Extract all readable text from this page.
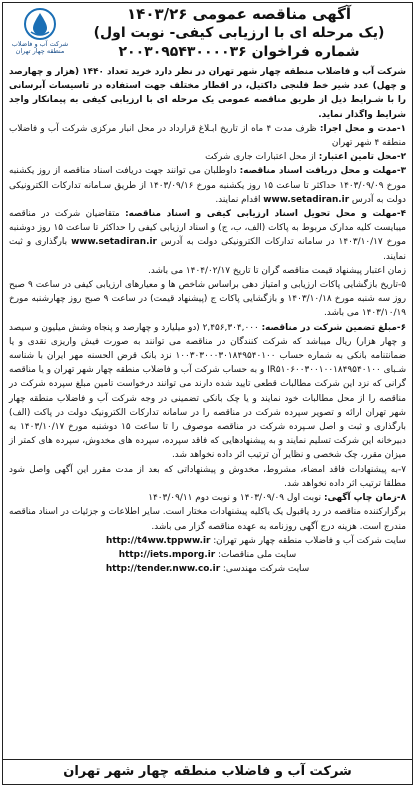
شرکت آب و فاضلاب منطقه چهار تهران
آگهی مناقصه عمومی ۱۴۰۳/۲۶
(یک مرحله ای با ارزیابی کیفی- نوبت اول)
شماره فراخوان ۲۰۰۳۰۹۵۴۳۰۰۰۰۳۶

شرکت آب و فاضلاب منطقه چهار شهر تهران در نظر دارد خرید تعداد ۱۴۴۰ (هزار و چهارصد و چهل) عدد شیر خط فلنجی داکتیل، در اقطار مختلف جهت استفاده در تاسیسات آبرسانی را با شـرایط ذیل از طریق مناقصه عمومی یک مرحله ای با ارزیابی کیفی به پیمانکار واجد شرایط واگذار نماید.

۱-مدت و محل اجرا: ظرف مدت ۴ ماه از تاریخ ابـلاغ قرارداد در محل انبار مرکزی شرکت آب و فاضلاب منطقه ۴ شهر تهران

۲-محل تامین اعتبار: از محل اعتبارات جاری شرکت

۳-مهلت و محل دریافت اسناد مناقصه: داوطلبان می توانند جهت دریافت اسناد مناقصه از روز یکشنبه مورخ ۱۴۰۳/۰۹/۰۹ حداکثر تا ساعت ۱۵ روز یکشنبه مورخ ۱۴۰۳/۰۹/۱۶ از طریق سـامانه تدارکات الکترونیکی دولت به آدرس www.setadiran.ir اقدام نمایند.

۴-مهلت و محل تحویل اسناد ارزیابی کیفی و اسناد مناقصه: متقاضیان شرکت در مناقصه میبایست کلیه مدارک مربوط به پاکات (الف، ب، ج) و اسناد ارزیابی کیفی را حداکثر تا ساعت ۱۵ روز دوشنبه مورخ ۱۴۰۳/۱۰/۱۷ در سامانه تدارکات الکترونیکی دولت به آدرس www.setadiran.ir بارگذاری و ثبت نمایند.

زمان اعتبار پیشنهاد قیمت مناقصه گران تا تاریخ ۱۴۰۴/۰۲/۱۷ می باشد.

۵-تاریخ بازگشایی پاکات ارزیابی و امتیاز دهی براساس شاخص ها و معیارهای ارزیابی کیفی در ساعت ۹ صبح روز سه شنبه مورخ ۱۴۰۳/۱۰/۱۸ و بازگشایی پاکات ج (پیشنهاد قیمت) در ساعت ۹ صبح روز چهارشنبه مورخ ۱۴۰۳/۱۰/۱۹ می باشد.

۶-مبلغ تضمین شرکت در مناقصه: ۲,۴۵۶,۳۰۴,۰۰۰ (دو میلیارد و چهارصد و پنجاه وشش میلیون و سیصد و چهار هزار) ریال میباشد که شرکت کنندگان در مناقصه می توانند به صورت فیش واریزی نقدی و یا ضمانتنامه بانکی به شماره حساب ۱۰۰۳۰۳۰۰۰۳۰۱۸۴۹۵۴۰۱۰۰ نزد بانک قرض الحسنه مهر ایران با شناسه شـبای IR۵۱۰۶۰۰۳۰۰۱۰۰۱۸۴۹۵۴۰۱۰۰ و به حساب شرکت آب و فاضلاب منطقه چهار شهر تهران و یا مناقصه گرانی که نزد این شرکت مطالبات قطعی تایید شده دارند می توانند درخواست تامین مبلغ سپرده شرکت در مناقصه را از محل مطالبات خود نمایند و یا چک بانکی تضمینی در وجه شرکت آب و فاضلاب منطقه چهار شهر تهران ارائه و تصویر سپرده شرکت در مناقصه را در سامانه تدارکات الکترونیک دولت در پاکت (الف) بارگذاری و ثبت و اصل سـپرده شرکت در مناقصه موصوف را تا ساعت ۱۵ دوشنبه مورخ ۱۴۰۳/۱۰/۱۷ به دبیرخانه این شرکت تسلیم نمایند و به پیشنهادهایی که فاقد سپرده، سپرده های مخدوش، سپرده های کمتر از میزان مقرر، چک شخصی و نظایر آن ترتیب اثر داده نخواهد شد.

۷-به پیشنهادات فاقد امضاء، مشروط، مخدوش و پیشنهاداتی که بعد از مدت مقرر این آگهی واصل شود مطلقا ترتیب اثر داده نخواهد شد.

۸-زمان چاپ آگهی: نوبت اول ۱۴۰۳/۰۹/۰۹ و نوبت دوم ۱۴۰۳/۰۹/۱۱

برگزارکننده مناقصه در رد یاقبول یک یاکلیه پیشنهادات مختار است. سایر اطلاعات و جزئیات در اسناد مناقصه مندرج است. هزینه درج آگهی روزنامه به عهده مناقصه گزار می باشد.

سایت شرکت آب و فاضلاب منطقه چهار شهر تهران: http://t4ww.tppww.ir

سایت ملی مناقصات: http://iets.mporg.ir

سایت شرکت مهندسی: http://tender.nww.co.ir

شرکت آب و فاضلاب منطقه چهار شهر تهران
